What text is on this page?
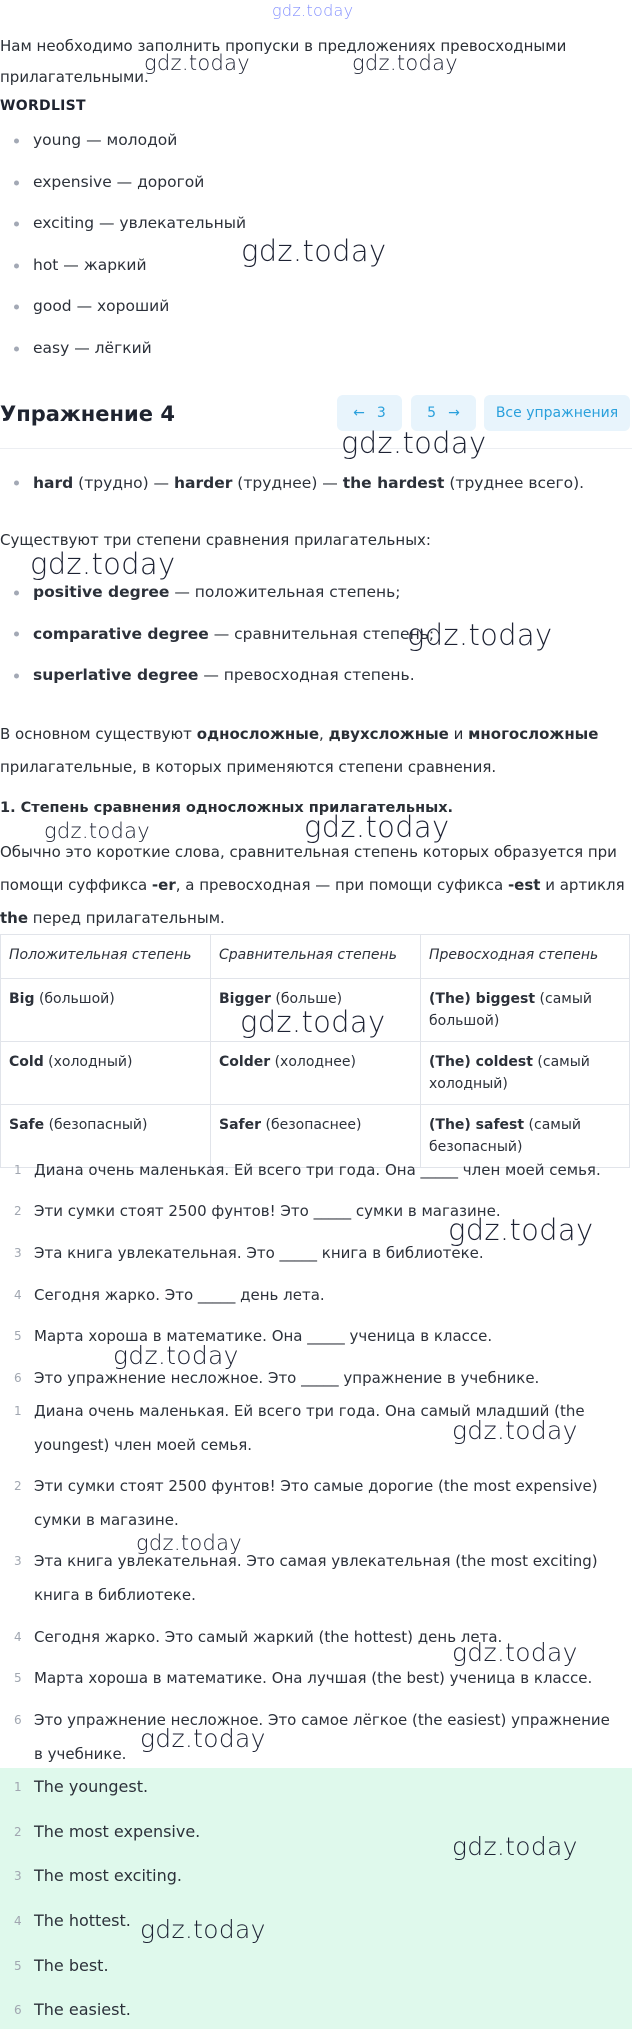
gdz.today
gdz.today	gdz.today
gdz.today
gdz.today
gdz.today
gdz.today
gdz.today	gdz.today
gdz.today
gdz.today
gdz.today
gdz.today
gdz.today
gdz.today
gdz.today
gdz.today
gdz.today

Нам необходимо заполнить пропуски в предложениях превосходными прилагательными.

WORDLIST
young — молодой
expensive — дорогой
exciting — увлекательный
hot — жаркий
good — хороший
easy — лёгкий
Упражнение 4	← 3	5 →	Все упражнения
hard (трудно) — harder (труднее) — the hardest (труднее всего).

Существуют три степени сравнения прилагательных:

positive degree — положительная степень;
comparative degree — сравнительная степень;
superlative degree — превосходная степень.

В основном существуют односложные, двухсложные и многосложные прилагательные, в которых применяются степени сравнения.

1. Степень сравнения односложных прилагательных.

Обычно это короткие слова, сравнительная степень которых образуется при помощи суффикса -er, а превосходная — при помощи суфикса -est и артикля the перед прилагательным.

Положительная степень	Сравнительная степень	Превосходная степень
Big (большой)	Bigger (больше)	(The) biggest (самый большой)
Cold (холодный)	Colder (холоднее)	(The) coldest (самый холодный)
Safe (безопасный)	Safer (безопаснее)	(The) safest (самый безопасный)
1 Диана очень маленькая. Ей всего три года. Она _____ член моей семья.
2 Эти сумки стоят 2500 фунтов! Это _____ сумки в магазине.
3 Эта книга увлекательная. Это _____ книга в библиотеке.
4 Сегодня жарко. Это _____ день лета.
5 Марта хороша в математике. Она _____ ученица в классе.
6 Это упражнение несложное. Это _____ упражнение в учебнике.
1 Диана очень маленькая. Ей всего три года. Она самый младший (the youngest) член моей семья.
2 Эти сумки стоят 2500 фунтов! Это самые дорогие (the most expensive) сумки в магазине.
3 Эта книга увлекательная. Это самая увлекательная (the most exciting) книга в библиотеке.
4 Сегодня жарко. Это самый жаркий (the hottest) день лета.
5 Марта хороша в математике. Она лучшая (the best) ученица в классе.
6 Это упражнение несложное. Это самое лёгкое (the easiest) упражнение в учебнике.
1 The youngest.
2 The most expensive.
3 The most exciting.
4 The hottest.
5 The best.
6 The easiest.
